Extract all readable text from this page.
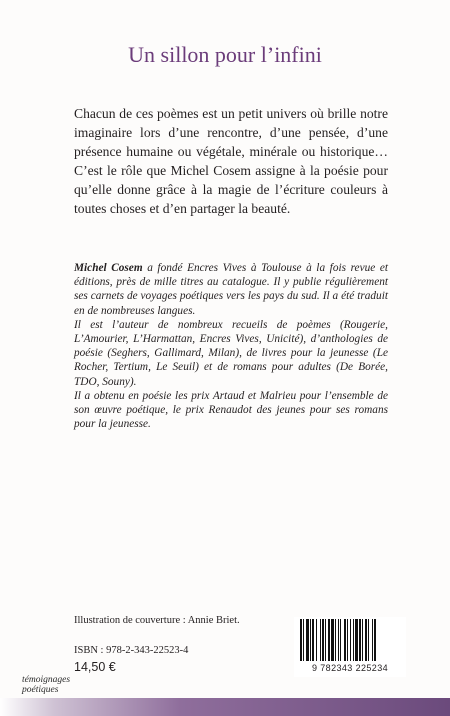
Un sillon pour l’infini

Chacun de ces poèmes est un petit univers où brille notre imaginaire lors d’une rencontre, d’une pensée, d’une présence humaine ou végétale, minérale ou historique… C’est le rôle que Michel Cosem assigne à la poésie pour qu’elle donne grâce à la magie de l’écriture couleurs à toutes choses et d’en partager la beauté.

Michel Cosem a fondé Encres Vives à Toulouse à la fois revue et éditions, près de mille titres au catalogue. Il y publie régulièrement ses carnets de voyages poétiques vers les pays du sud. Il a été traduit en de nombreuses langues.

Il est l’auteur de nombreux recueils de poèmes (Rougerie, L’Amourier, L’Harmattan, Encres Vives, Unicité), d’anthologies de poésie (Seghers, Gallimard, Milan), de livres pour la jeunesse (Le Rocher, Tertium, Le Seuil) et de romans pour adultes (De Borée, TDO, Souny).

Il a obtenu en poésie les prix Artaud et Malrieu pour l’ensemble de son œuvre poétique, le prix Renaudot des jeunes pour ses romans pour la jeunesse.

Illustration de couverture : Annie Briet.

ISBN : 978-2-343-22523-4

14,50 €	9 782343 225234
témoignages
poétiques
